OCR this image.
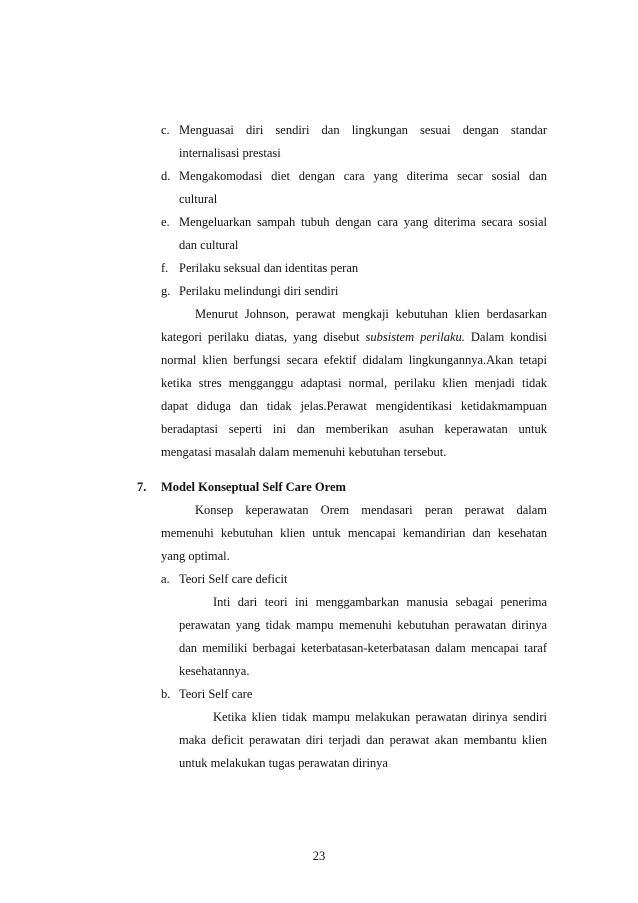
c. Menguasai diri sendiri dan lingkungan sesuai dengan standar
internalisasi prestasi
d. Mengakomodasi diet dengan cara yang diterima secar sosial dan
cultural
e. Mengeluarkan sampah tubuh dengan cara yang diterima secara sosial
dan cultural
f. Perilaku seksual dan identitas peran
g. Perilaku melindungi diri sendiri
Menurut Johnson, perawat mengkaji kebutuhan klien berdasarkan
kategori perilaku diatas, yang disebut subsistem perilaku. Dalam kondisi
normal klien berfungsi secara efektif didalam lingkungannya.Akan tetapi
ketika stres mengganggu adaptasi normal, perilaku klien menjadi tidak
dapat diduga dan tidak jelas.Perawat mengidentikasi ketidakmampuan
beradaptasi seperti ini dan memberikan asuhan keperawatan untuk
mengatasi masalah dalam memenuhi kebutuhan tersebut.
7. Model Konseptual Self Care Orem
Konsep keperawatan Orem mendasari peran perawat dalam
memenuhi kebutuhan klien untuk mencapai kemandirian dan kesehatan
yang optimal.
a. Teori Self care deficit
Inti dari teori ini menggambarkan manusia sebagai penerima
perawatan yang tidak mampu memenuhi kebutuhan perawatan dirinya
dan memiliki berbagai keterbatasan-keterbatasan dalam mencapai taraf
kesehatannya.
b. Teori Self care
Ketika klien tidak mampu melakukan perawatan dirinya sendiri
maka deficit perawatan diri terjadi dan perawat akan membantu klien
untuk melakukan tugas perawatan dirinya
23
